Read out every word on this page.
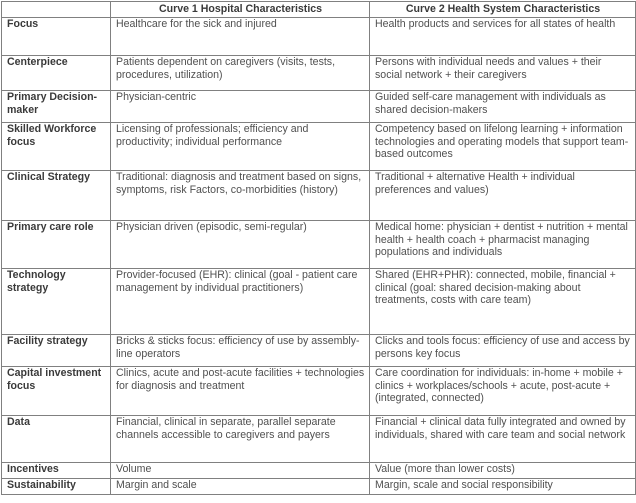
	Curve 1 Hospital Characteristics	Curve 2 Health System Characteristics
Focus	Healthcare for the sick and injured	Health products and services for all states of health
Centerpiece	Patients dependent on caregivers (visits, tests, procedures, utilization)	Persons with individual needs and values + their social network + their caregivers
Primary Decision-maker	Physician-centric	Guided self-care management with individuals as shared decision-makers
Skilled Workforce focus	Licensing of professionals; efficiency and productivity; individual performance	Competency based on lifelong learning + information technologies and operating models that support team-based outcomes
Clinical Strategy	Traditional: diagnosis and treatment based on signs, symptoms, risk Factors, co-morbidities (history)	Traditional + alternative Health + individual preferences and values)
Primary care role	Physician driven (episodic, semi-regular)	Medical home: physician + dentist + nutrition + mental health + health coach + pharmacist managing populations and individuals
Technology strategy	Provider-focused (EHR): clinical (goal - patient care management by individual practitioners)	Shared (EHR+PHR): connected, mobile, financial + clinical (goal: shared decision-making about treatments, costs with care team)
Facility strategy	Bricks & sticks focus: efficiency of use by assembly-line operators	Clicks and tools focus: efficiency of use and access by persons key focus
Capital investment focus	Clinics, acute and post-acute facilities + technologies for diagnosis and treatment	Care coordination for individuals: in-home + mobile + clinics + workplaces/schools + acute, post-acute + (integrated, connected)
Data	Financial, clinical in separate, parallel separate channels accessible to caregivers and payers	Financial + clinical data fully integrated and owned by individuals, shared with care team and social network
Incentives	Volume	Value (more than lower costs)
Sustainability	Margin and scale	Margin, scale and social responsibility
